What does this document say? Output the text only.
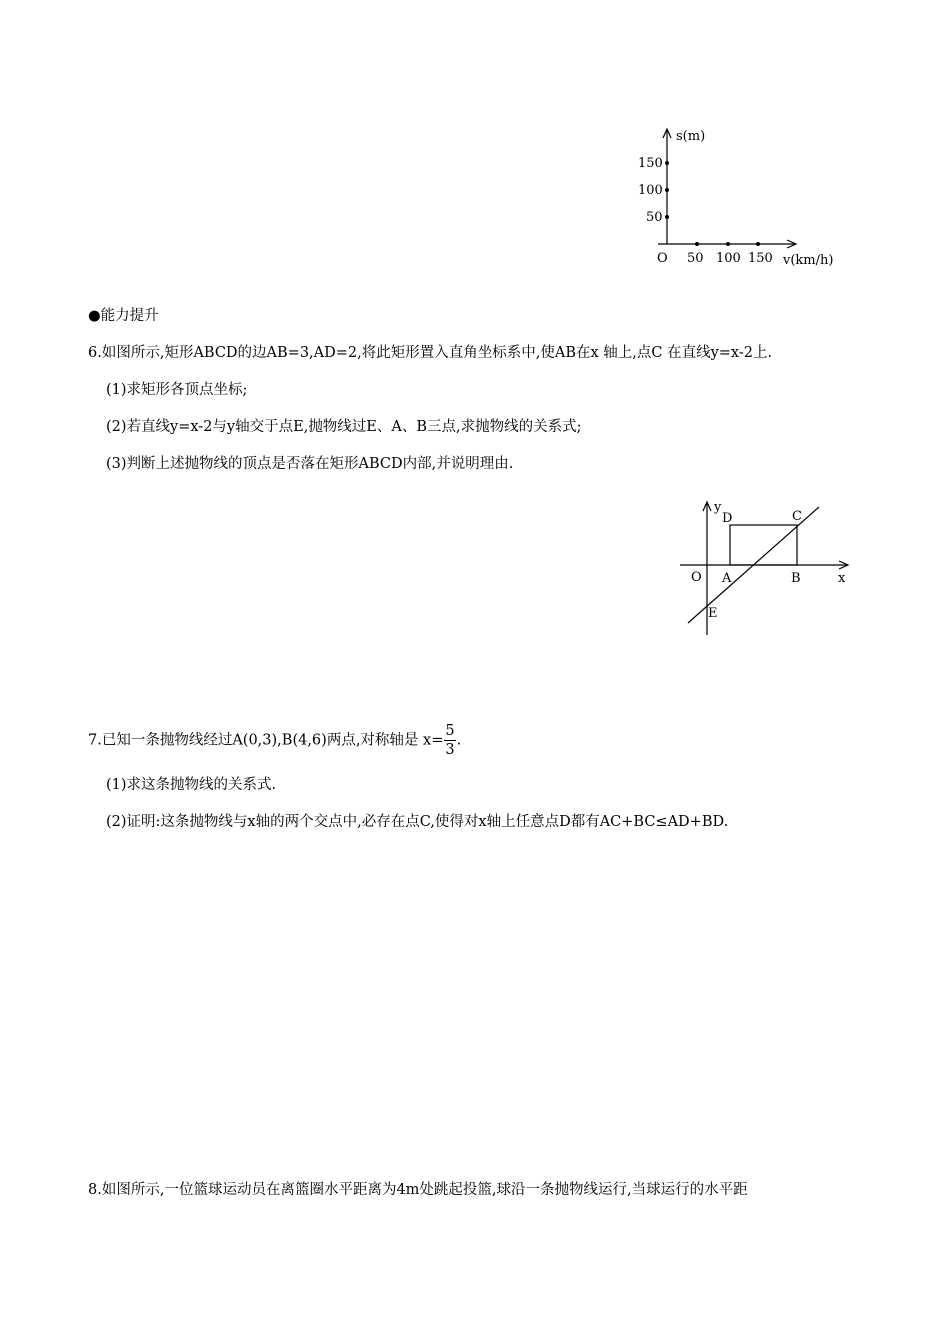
s(m)
150
100
50
O 50 100 150 v(km/h)
●能力提升
6.如图所示,矩形ABCD的边AB=3,AD=2,将此矩形置入直角坐标系中,使AB在x 轴上,点C 在直线y=x-2上.
(1)求矩形各顶点坐标;
(2)若直线y=x-2与y轴交于点E,抛物线过E、A、B三点,求抛物线的关系式;
(3)判断上述抛物线的顶点是否落在矩形ABCD内部,并说明理由.
y
D	C
O A	B	x
E
7.已知一条抛物线经过A(0,3),B(4,6)两点,对称轴是 $x= \frac{5}{3}$ .
(1)求这条抛物线的关系式.
(2)证明:这条抛物线与x轴的两个交点中,必存在点C,使得对x轴上任意点D都有AC+BC≤AD+BD.
8.如图所示,一位篮球运动员在离篮圈水平距离为4m处跳起投篮,球沿一条抛物线运行,当球运行的水平距
